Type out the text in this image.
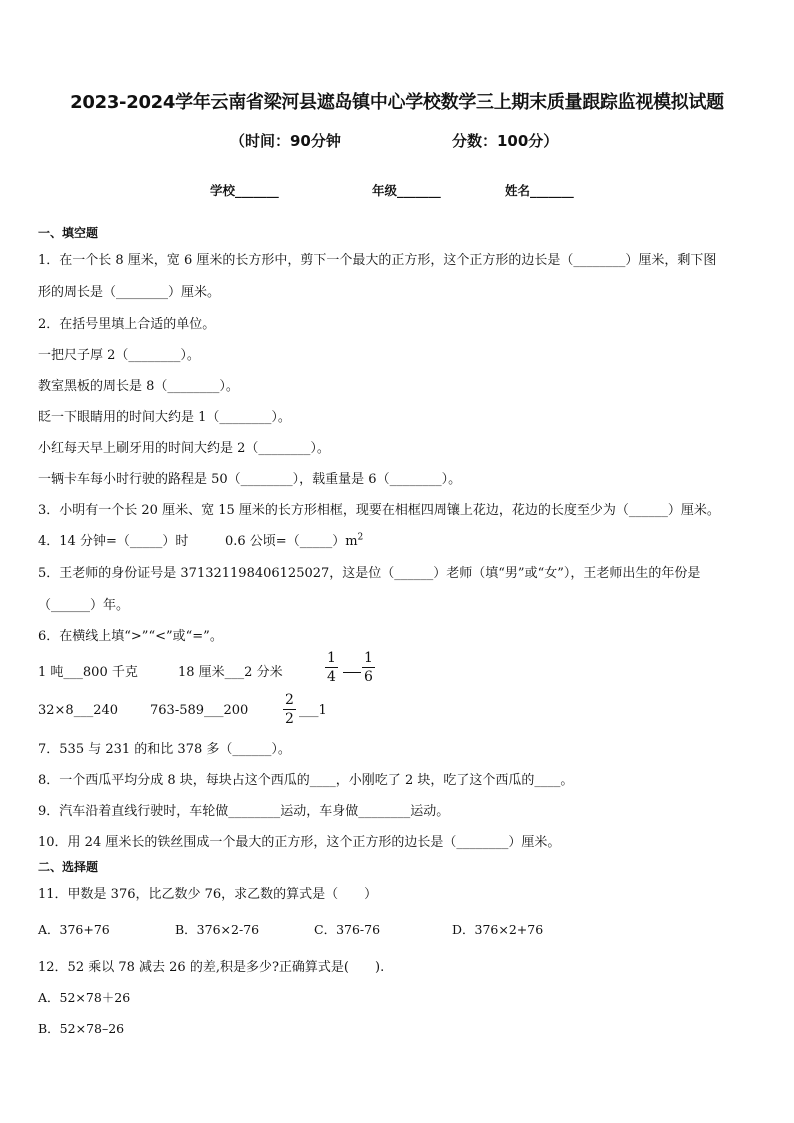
2023-2024学年云南省梁河县遮岛镇中心学校数学三上期末质量跟踪监视模拟试题
（时间：90分钟	分数：100分）
学校_______	年级_______	姓名_______
一、填空题
1．在一个长 8 厘米，宽 6 厘米的长方形中，剪下一个最大的正方形，这个正方形的边长是（________）厘米，剩下图
形的周长是（________）厘米。
2．在括号里填上合适的单位。
一把尺子厚 2（________）。
教室黑板的周长是 8（________）。
眨一下眼睛用的时间大约是 1（________）。
小红每天早上刷牙用的时间大约是 2（________）。
一辆卡车每小时行驶的路程是 50（________），载重量是 6（________）。
3．小明有一个长 20 厘米、宽 15 厘米的长方形相框，现要在相框四周镶上花边，花边的长度至少为（______）厘米。
4．14 分钟=（_____）时	0.6 公顷$=(\_\_\_\_\_)m^2$
5．王老师的身份证号是 371321198406125027，这是位（______）老师（填“男”或“女”），王老师出生的年份是
（______）年。
6．在横线上填“>”“<”或“=”。
1 吨___800 千克	18 厘米___2 分米	$\frac{1}{4} \frac{1}{6}$
32×8___240 763-589___200 $\frac{2}{2}$ ___1
7．535 与 231 的和比 378 多（______）。
8．一个西瓜平均分成 8 块，每块占这个西瓜的____，小刚吃了 2 块，吃了这个西瓜的____。
9．汽车沿着直线行驶时，车轮做________运动，车身做________运动。
10．用 24 厘米长的铁丝围成一个最大的正方形，这个正方形的边长是（________）厘米。
二、选择题
11．甲数是 376，比乙数少 76，求乙数的算式是（　　）
A．376+76	B．376×2-76	C．376-76	D．376×2+76
12．52 乘以 78 减去 26 的差,积是多少?正确算式是(　　).
A．52×78＋26
B．52×78–26
